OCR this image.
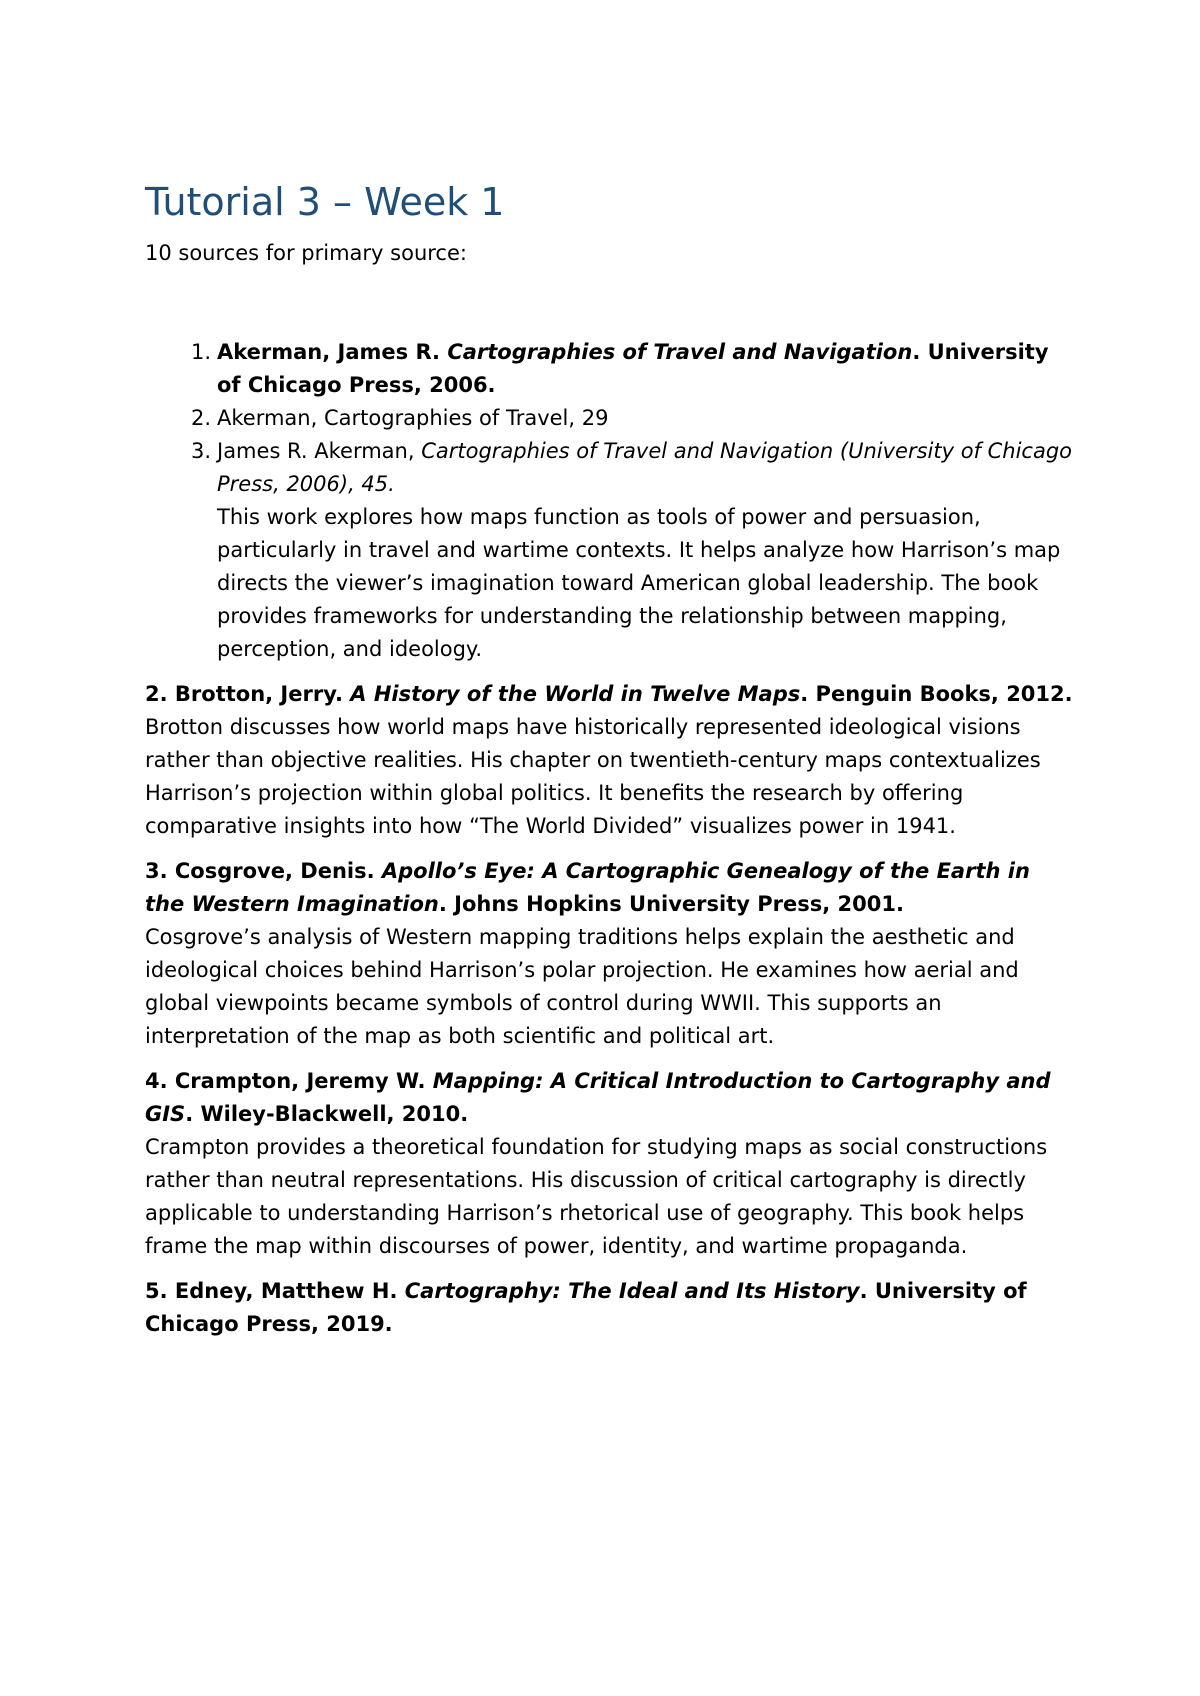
Tutorial 3 – Week 1

10 sources for primary source:

1. Akerman, James R. Cartographies of Travel and Navigation. University of Chicago Press, 2006.
2. Akerman, Cartographies of Travel, 29
3. James R. Akerman, Cartographies of Travel and Navigation (University of Chicago Press, 2006), 45.
This work explores how maps function as tools of power and persuasion, particularly in travel and wartime contexts. It helps analyze how Harrison’s map directs the viewer’s imagination toward American global leadership. The book provides frameworks for understanding the relationship between mapping, perception, and ideology.
2. Brotton, Jerry. A History of the World in Twelve Maps. Penguin Books, 2012.
Brotton discusses how world maps have historically represented ideological visions rather than objective realities. His chapter on twentieth-century maps contextualizes Harrison’s projection within global politics. It benefits the research by offering comparative insights into how “The World Divided” visualizes power in 1941.
3. Cosgrove, Denis. Apollo’s Eye: A Cartographic Genealogy of the Earth in the Western Imagination. Johns Hopkins University Press, 2001.
Cosgrove’s analysis of Western mapping traditions helps explain the aesthetic and ideological choices behind Harrison’s polar projection. He examines how aerial and global viewpoints became symbols of control during WWII. This supports an interpretation of the map as both scientific and political art.
4. Crampton, Jeremy W. Mapping: A Critical Introduction to Cartography and GIS. Wiley-Blackwell, 2010.
Crampton provides a theoretical foundation for studying maps as social constructions rather than neutral representations. His discussion of critical cartography is directly applicable to understanding Harrison’s rhetorical use of geography. This book helps frame the map within discourses of power, identity, and wartime propaganda.
5. Edney, Matthew H. Cartography: The Ideal and Its History. University of Chicago Press, 2019.
